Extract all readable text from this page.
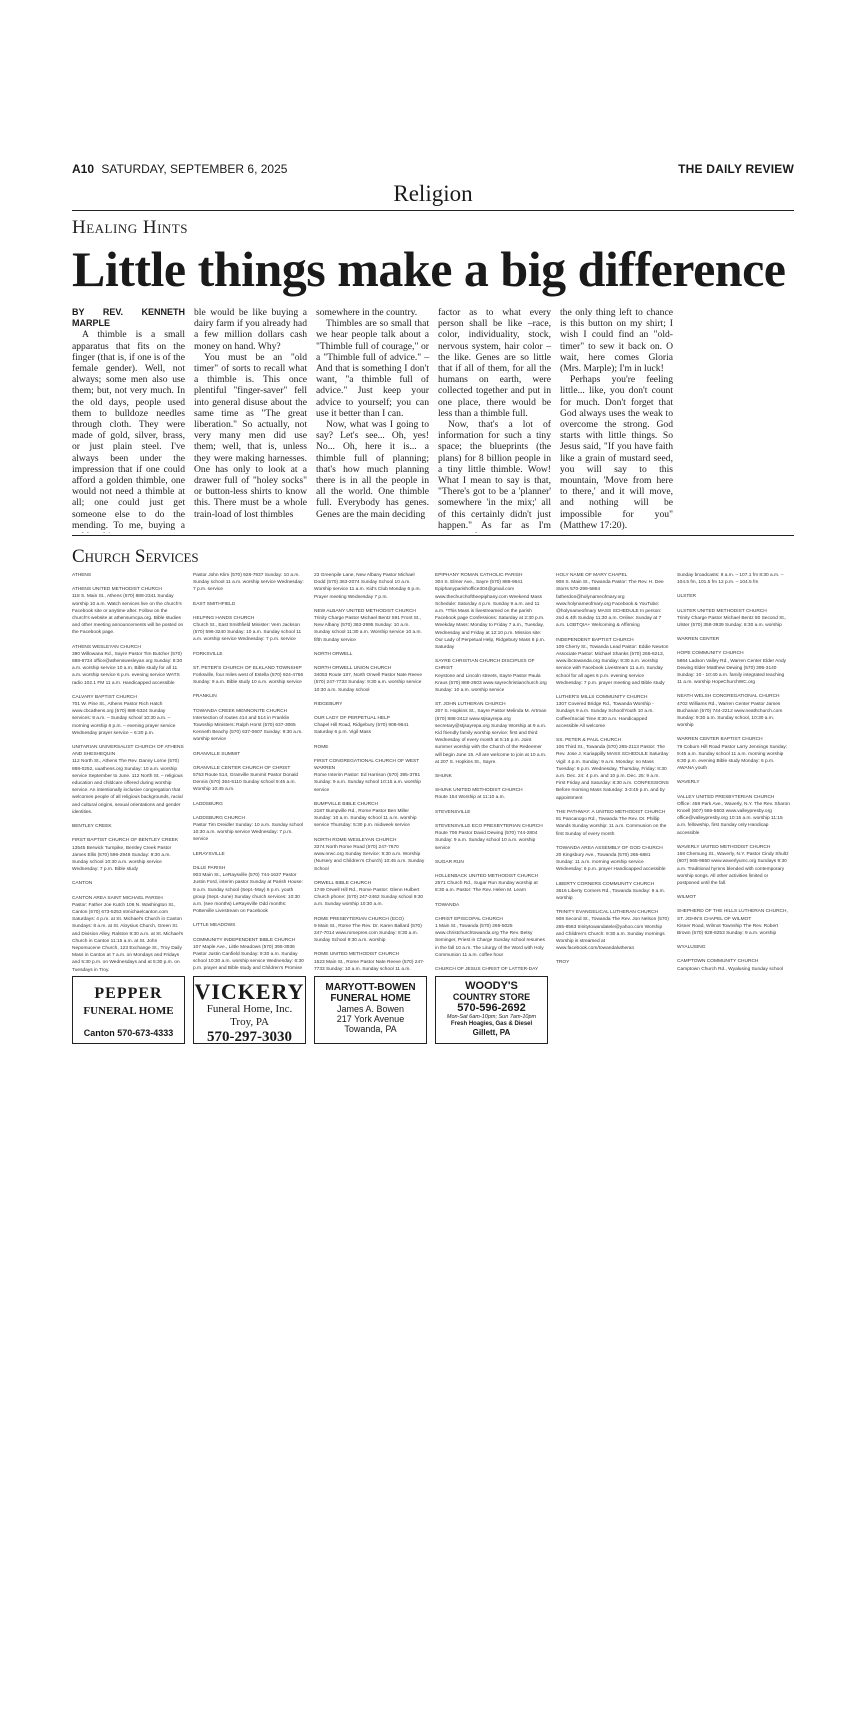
A10 SATURDAY, SEPTEMBER 6, 2025	THE DAILY REVIEW
Religion
Healing Hints
Little things make a big difference

BY REV. KENNETH MARPLE

A thimble is a small apparatus that fits on the finger (that is, if one is of the female gender). Well, not always; some men also use them; but, not very much. In the old days, people used them to bulldoze needles through cloth. They were made of gold, silver, brass, or just plain steel. I've always been under the impression that if one could afford a golden thimble, one would not need a thimble at all; one could just get someone else to do the mending. To me, buying a

ble would be like buying a dairy farm if you already had a few million dollars cash money on hand. Why?

You must be an "old timer" of sorts to recall what a thimble is. This once plentiful "finger-saver" fell into general disuse about the same time as "The great liberation." So actually, not very many men did use them; well, that is, unless they were making harnesses. One has only to look at a drawer full of "holey socks" or button-less shirts to know this. There must be a whole train-load of lost thimbles

somewhere in the country.

Thimbles are so small that we hear people talk about a "Thimble full of courage," or a "Thimble full of advice." –And that is something I don't want, "a thimble full of advice." Just keep your advice to yourself; you can use it better than I can.

Now, what was I going to say? Let's see... Oh, yes! No... Oh, here it is... a thimble full of planning; that's how much planning there is in all the people in all the world. One thimble full. Everybody has genes. Genes are the main deciding

factor as to what every person shall be like –race, color, individuality, stock, nervous system, hair color –the like. Genes are so little that if all of them, for all the humans on earth, were collected together and put in one place, there would be less than a thimble full.

Now, that's a lot of information for such a tiny space; the blueprints (the plans) for 8 billion people in a tiny little thimble. Wow! What I mean to say is that, "There's got to be a 'planner' somewhere 'in the mix;' all of this certainly didn't just happen." As far as I'm

the only thing left to chance is this button on my shirt; I wish I could find an "old-timer" to sew it back on. O wait, here comes Gloria (Mrs. Marple); I'm in luck!

Perhaps you're feeling little... like, you don't count for much. Don't forget that God always uses the weak to overcome the strong. God starts with little things. So Jesus said, "If you have faith like a grain of mustard seed, you will say to this mountain, 'Move from here to there,' and it will move, and nothing will be impossible for you" (Matthew 17:20).

Church Services
ATHENS
ATHENS UNITED METHODIST CHURCH
118 S. Main St., Athens (570) 888-2341 Sunday worship 10 a.m. Watch services live on the church's Facebook site or anytime after. Follow on the church's website at athensumcpa.org. Bible studies and other meeting announcements will be posted on the Facebook page.
ATHENS WESLEYAN CHURCH
390 Willowana Rd., Sayre Pastor Tim Butcher (570) 888-6734 office@athenswesleyan.org Sunday: 8:30 a.m. worship service 10 a.m. Bible study for all 11 a.m. worship service 6 p.m. evening service WATS radio 102.1 FM 11 a.m. Handicapped accessible
CALVARY BAPTIST CHURCH
701 W. Pine St., Athens Pastor Rich Hatch www.cbcathens.org (570) 888-5324 Sunday services: 9 a.m. – Sunday school 10:30 a.m. – morning worship 6 p.m. – evening prayer service Wednesday prayer service – 6:30 p.m.
UNITARIAN UNIVERSALIST CHURCH OF ATHENS AND SHESHEQUIN
112 North St., Athens The Rev. Danny Lorne (570) 888-0252, uuathens.org Sunday: 10 a.m. worship service September to June. 112 North St. – religious education and childcare offered during worship service. An intentionally inclusive congregation that welcomes people of all religious backgrounds, racial and cultural origins, sexual orientations and gender identities.
BENTLEY CREEK
FIRST BAPTIST CHURCH OF BENTLEY CREEK
13545 Berwick Turnpike, Bentley Creek Pastor James Ellis (570) 596-2948 Sunday: 9:30 a.m. Sunday school 10:30 a.m. worship service Wednesday: 7 p.m. Bible study
CANTON
CANTON AREA SAINT MICHAEL PARISH
Pastor: Father Joe Kutch 106 N. Washington St., Canton (570) 673-5253 stmichaelcanton.com Saturdays: 4 p.m. at St. Michael's Church in Canton Sundays: 8 a.m. at St. Aloysius Church, Green St. and Division Alley, Ralston 9:30 a.m. at St. Michael's Church in Canton 11:15 a.m. at St. John Nepomucene Church, 123 Exchange St., Troy Daily Mass in Canton at 7 a.m. on Mondays and Fridays and 5:30 p.m. on Wednesdays and at 5:30 p.m. on Tuesdays in Troy.
Pastor John Klim (570) 928-7937 Sunday: 10 a.m. Sunday school 11 a.m. worship service Wednesday: 7 p.m. service
EAST SMITHFIELD
HELPING HANDS CHURCH
Church St., East Smithfield Minister: Vern Jackson (570) 596-3240 Sunday: 10 a.m. Sunday school 11 a.m. worship service Wednesday: 7 p.m. service
FORKSVILLE
ST. PETER'S CHURCH OF ELKLAND TOWNSHIP
Forksville, four miles west of Estella (570) 924-4766 Sunday: 9 a.m. Bible study 10 a.m. worship service
FRANKLIN
TOWANDA CREEK MENNONITE CHURCH
Intersection of routes 414 and 514 in Franklin Township Ministers: Ralph Horst (570) 637-3065 Kenneth Beachy (570) 637-0607 Sunday: 9:30 a.m. worship service
GRANVILLE SUMMIT
GRANVILLE CENTER CHURCH OF CHRIST
5753 Route 514, Granville Summit Pastor Donald Dennis (570) 364-5110 Sunday school 9:45 a.m. Worship 10:45 a.m.
LADDSBURG
LADDSBURG CHURCH
Pastor Tim Dreidler Sunday: 10 a.m. Sunday school 10:30 a.m. worship service Wednesday: 7 p.m. service
LERAYSVILLE
DILLE PARISH
903 Main St., LeRaysville (570) 744-1637 Pastor Justin Ford, interim pastor Sunday at Parish House: 9 a.m. Sunday school (Sept.-May) 6 p.m. youth group (Sept.-June) Sunday church services: 10:30 a.m. (see months) LeRaysville Odd months: Potterville Livestream on Facebook
LITTLE MEADOWS
COMMUNITY INDEPENDENT BIBLE CHURCH
107 Maple Ave., Little Meadows (570) 395-3936 Pastor Justin Canfield Sunday: 9:30 a.m. Sunday school 10:30 a.m. worship service Wednesday: 6:30 p.m. prayer and Bible study and Children's Promise
23 Greenpile Lane, New Albany Pastor Michael Dodd (570) 363-2074 Sunday School 10 a.m. Worship service 11 a.m. Kid's Club Monday 6 p.m. Prayer meeting Wednesday 7 p.m.
NEW ALBANY UNITED METHODIST CHURCH
Trinity Charge Pastor Michael Bentz 591 Front St., New Albany (570) 363-2995 Sunday: 10 a.m. Sunday school 11:30 a.m. Worship service 10 a.m. fifth Sunday service
NORTH ORWELL
NORTH ORWELL UNION CHURCH
34053 Route 187, North Orwell Pastor Nate Reeve (570) 247-7733 Sunday: 9:30 a.m. worship service 10:30 a.m. Sunday school
RIDGEBURY
OUR LADY OF PERPETUAL HELP
Chapel Hill Road, Ridgebury (570) 908-9641 Saturday 6 p.m. Vigil Mass
ROME
FIRST CONGREGATIONAL CHURCH OF WEST WARREN
Rome Interim Pastor: Ed Harrison (570) 395-3781 Sunday: 9 a.m. Sunday school 10:15 a.m. worship service
BUMPVILLE BIBLE CHURCH
2187 Bumpville Rd., Rome Pastor Ben Miller Sunday: 10 a.m. Sunday school 11 a.m. worship service Thursday: 5:30 p.m. midweek service
NORTH ROME WESLEYAN CHURCH
3374 North Rome Road (570) 247-7670 www.nrwc.org Sunday Service: 9:30 a.m. Worship (Nursery and Children's Church) 10:45 a.m. Sunday School
ORWELL BIBLE CHURCH
1749 Orwell Hill Rd., Rome Pastor: Glenn Hulbert Church phone: (570) 247-2462 Sunday school 9:30 a.m. Sunday worship 10:30 a.m.
ROME PRESBYTERIAN CHURCH (ECO)
9 Main St., Rome The Rev. Dr. Karen Ballard (570) 247-7014 www.romepres.com Sunday: 8:30 a.m. Sunday School 9:30 a.m. worship
ROME UNITED METHODIST CHURCH
1523 Main St., Rome Pastor Nate Reeve (570) 247-7733 Sunday: 10 a.m. Sunday school 11 a.m.
EPIPHANY ROMAN CATHOLIC PARISH
304 S. Elmer Ave., Sayre (570) 888-9641 Epiphanyparishoffice304@gmail.com www.thechurchoftheepiphany.com Weekend Mass Schedule: Saturday 4 p.m. Sunday 9 a.m. and 11 a.m. *This Mass is livestreamed on the parish Facebook page Confessions: Saturday at 2:30 p.m. Weekday Mass: Monday to Friday 7 a.m., Tuesday, Wednesday and Friday at 12:10 p.m. Mission site: Our Lady of Perpetual Help, Ridgebury Mass 6 p.m. Saturday
SAYRE CHRISTIAN CHURCH DISCIPLES OF CHRIST
Keystone and Lincoln streets, Sayre Pastor Paula Kraus (570) 888-2603 www.sayrechristianchurch.org Sunday: 10 a.m. worship service
ST. JOHN LUTHERAN CHURCH
207 S. Hopkins St., Sayre Pastor Melinda M. Artman (570) 888-2412 www.stjsayrepa.org secretary@stjsayrepa.org Sunday Worship at 9 a.m. Kid friendly family worship service: first and third Wednesday of every month at 5:15 p.m. Joint summer worship with the Church of the Redeemer will begin June 15. All are welcome to join at 10 a.m. at 207 S. Hopkins St., Sayre.
SHUNK
SHUNK UNITED METHODIST CHURCH
Route 154 Worship at 11:10 a.m.
STEVENSVILLE
STEVENSVILLE ECO PRESBYTERIAN CHURCH
Route 706 Pastor David Dewing (570) 744-2804 Sunday: 9 a.m. Sunday school 10 a.m. worship service
SUGAR RUN
HOLLENBACK UNITED METHODIST CHURCH
2571 Church Rd., Sugar Run Sunday worship at 8:30 a.m. Pastor: The Rev. Helen M. Learn
TOWANDA
CHRIST EPISCOPAL CHURCH
1 Main St., Towanda (570) 265-5025 www.christchurchtowanda.org The Rev. Betsy Seminger, Priest in Charge Sunday school resumes in the fall 10 a.m. The Liturgy of the Word with Holy Communion 11 a.m. coffee hour
CHURCH OF JESUS CHRIST OF LATTER-DAY
HOLY NAME OF MARY CHAPEL
908 S. Main St., Towanda Pastor: The Rev. H. Dee Storrs 570-299-5864 fatherdon@holynameofmary.org www.holynameofmary.org Facebook & YouTube: @holynameofmary MASS SCHEDULE In person: 2nd & 4th Sunday 11:30 a.m. Online: Sunday at 7 a.m. LGBTQIA+ Welcoming & Affirming
INDEPENDENT BAPTIST CHURCH
109 Cherry St., Towanda Lead Pastor: Eddie Newton Associate Pastor: Michael Shanks (570) 265-6213, www.ibctowanda.org Sunday: 9:30 a.m. worship service with Facebook Livestream 11 a.m. Sunday school for all ages 6 p.m. evening service Wednesday: 7 p.m. prayer meeting and Bible study
LUTHER'S MILLS COMMUNITY CHURCH
1307 Covered Bridge Rd., Towanda Worship - Sundays 9 a.m. Sunday School/Youth 10 a.m. Coffee/Social Time 8:30 a.m. Handicapped accessible All welcome
SS. PETER & PAUL CHURCH
106 Third St., Towanda (570) 265-2113 Pastor: The Rev. Jose J. Kuriappilly MASS SCHEDULE Saturday Vigil: 4 p.m. Sunday: 9 a.m. Monday: no Mass Tuesday: 6 p.m. Wednesday, Thursday, Friday: 8:30 a.m. Dec. 24: 4 p.m. and 10 p.m. Dec. 25: 9 a.m. First Friday and Saturday: 8:30 a.m. CONFESSIONS Before morning Mass Saturday: 3-3:45 p.m. and by appointment
THE PATHWAY: A UNITED METHODIST CHURCH
81 Pancanogo Rd., Towanda The Rev. Dr. Phillip Wands Sunday worship: 11 a.m. Communion on the first Sunday of every month
TOWANDA AREA ASSEMBLY OF GOD CHURCH
20 Kingsbury Ave., Towanda (570) 265-6881 Sunday: 11 a.m. morning worship service Wednesday: 6 p.m. prayer Handicapped accessible
LIBERTY CORNERS COMMUNITY CHURCH
3616 Liberty Corners Rd., Towanda Sunday: 9 a.m. worship
TRINITY EVANGELICAL LUTHERAN CHURCH
908 Second St., Towanda The Rev. Jon Nelson (570) 265-8563 trinitytowandatele@yahoo.com Worship and Children's Church: 9:30 a.m. Sunday mornings Worship is streamed at www.facebook.com/towandalutheran
TROY
Sunday broadcasts: 8 a.m. – 107.1 fm 8:30 a.m. – 104.5 fm, 101.5 fm 12 p.m. – 104.5 fm
ULSTER
ULSTER UNITED METHODIST CHURCH
Trinity Charge Pastor Michael Bentz 80 Second St., Ulster (570) 358-3939 Sunday: 8:30 a.m. worship
WARREN CENTER
HOPE COMMUNITY CHURCH
5864 Ladson Valley Rd., Warren Center Elder Andy Dewing Elder Matthew Dewing (570) 395-3140 Sunday: 10 - 10:40 a.m. family integrated teaching 11 a.m. worship HopeChurchWC.org
NEATH WELSH CONGREGATIONAL CHURCH
4702 Williams Rd., Warren Center Pastor James Buchanan (570) 744-2212 www.neathchurch.com Sunday: 9:30 a.m. Sunday school, 10:30 a.m. worship
WARREN CENTER BAPTIST CHURCH
79 Coburn Hill Road Pastor Larry Jennings Sunday: 9:45 a.m. Sunday school 11 a.m. morning worship 6:30 p.m. evening Bible study Monday: 6 p.m. AWANA youth
WAVERLY
VALLEY UNITED PRESBYTERIAN CHURCH
Office: 459 Park Ave., Waverly, N.Y. The Rev. Sharon Knoell (607) 565-5603 www.valleypresby.org office@valleypresby.org 10:15 a.m. worship 11:15 a.m. fellowship, first Sunday only Handicap accessible
WAVERLY UNITED METHODIST CHURCH
158 Chemung St., Waverly, N.Y. Pastor Cindy Shultz (607) 565-9650 www.waverlyumc.org Sundays 9:30 a.m. Traditional hymns blended with contemporary worship songs. All other activities limited or postponed until the fall.
WILMOT
SHEPHERD OF THE HILLS LUTHERAN CHURCH, ST. JOHN'S CHAPEL OF WILMOT
Kisner Road, Wilmot Township The Rev. Robert Brown (570) 928-8253 Sunday: 9 a.m. worship
WYALUSING
CAMPTOWN COMMUNITY CHURCH
Camptown Church Rd., Wyalusing Sunday school
PEPPER
FUNERAL HOME
Canton 570-673-4333
VICKERY
Funeral Home, Inc.
Troy, PA
570-297-3030
MARYOTT-BOWEN
FUNERAL HOME
James A. Bowen
217 York Avenue
Towanda, PA
WOODY'S
COUNTRY STORE
570-596-2692
Mon-Sat 6am-10pm; Sun 7am-10pm
Fresh Hoagies, Gas & Diesel
Gillett, PA
